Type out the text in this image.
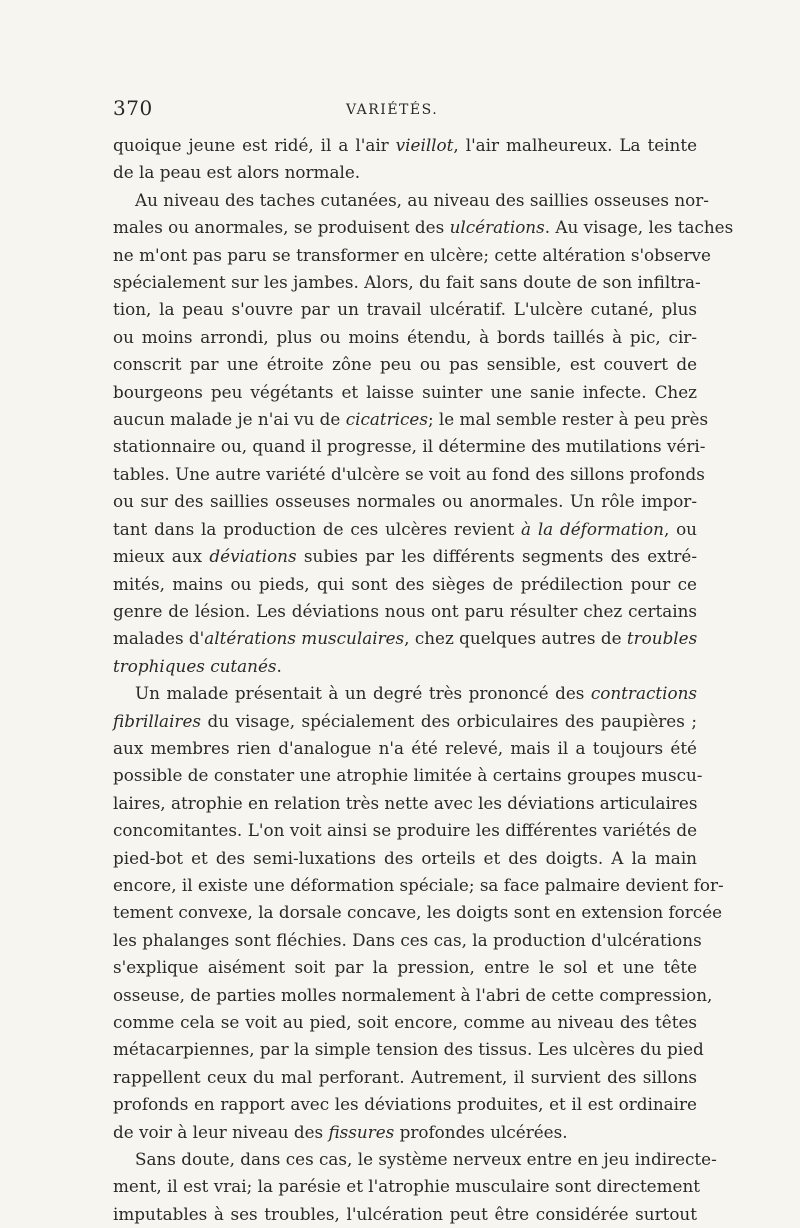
370	VARIÉTÉS.
quoique jeune est ridé, il a l'air vieillot, l'air malheureux. La teinte
de la peau est alors normale.
Au niveau des taches cutanées, au niveau des saillies osseuses nor-
males ou anormales, se produisent des ulcérations. Au visage, les taches
ne m'ont pas paru se transformer en ulcère; cette altération s'observe
spécialement sur les jambes. Alors, du fait sans doute de son infiltra-
tion, la peau s'ouvre par un travail ulcératif. L'ulcère cutané, plus
ou moins arrondi, plus ou moins étendu, à bords taillés à pic, cir-
conscrit par une étroite zône peu ou pas sensible, est couvert de
bourgeons peu végétants et laisse suinter une sanie infecte. Chez
aucun malade je n'ai vu de cicatrices; le mal semble rester à peu près
stationnaire ou, quand il progresse, il détermine des mutilations véri-
tables. Une autre variété d'ulcère se voit au fond des sillons profonds
ou sur des saillies osseuses normales ou anormales. Un rôle impor-
tant dans la production de ces ulcères revient à la déformation, ou
mieux aux déviations subies par les différents segments des extré-
mités, mains ou pieds, qui sont des sièges de prédilection pour ce
genre de lésion. Les déviations nous ont paru résulter chez certains
malades d'altérations musculaires, chez quelques autres de troubles
trophiques cutanés.
Un malade présentait à un degré très prononcé des contractions
fibrillaires du visage, spécialement des orbiculaires des paupières ;
aux membres rien d'analogue n'a été relevé, mais il a toujours été
possible de constater une atrophie limitée à certains groupes muscu-
laires, atrophie en relation très nette avec les déviations articulaires
concomitantes. L'on voit ainsi se produire les différentes variétés de
pied-bot et des semi-luxations des orteils et des doigts. A la main
encore, il existe une déformation spéciale; sa face palmaire devient for-
tement convexe, la dorsale concave, les doigts sont en extension forcée
les phalanges sont fléchies. Dans ces cas, la production d'ulcérations
s'explique aisément soit par la pression, entre le sol et une tête
osseuse, de parties molles normalement à l'abri de cette compression,
comme cela se voit au pied, soit encore, comme au niveau des têtes
métacarpiennes, par la simple tension des tissus. Les ulcères du pied
rappellent ceux du mal perforant. Autrement, il survient des sillons
profonds en rapport avec les déviations produites, et il est ordinaire
de voir à leur niveau des fissures profondes ulcérées.
Sans doute, dans ces cas, le système nerveux entre en jeu indirecte-
ment, il est vrai; la parésie et l'atrophie musculaire sont directement
imputables à ses troubles, l'ulcération peut être considérée surtout
